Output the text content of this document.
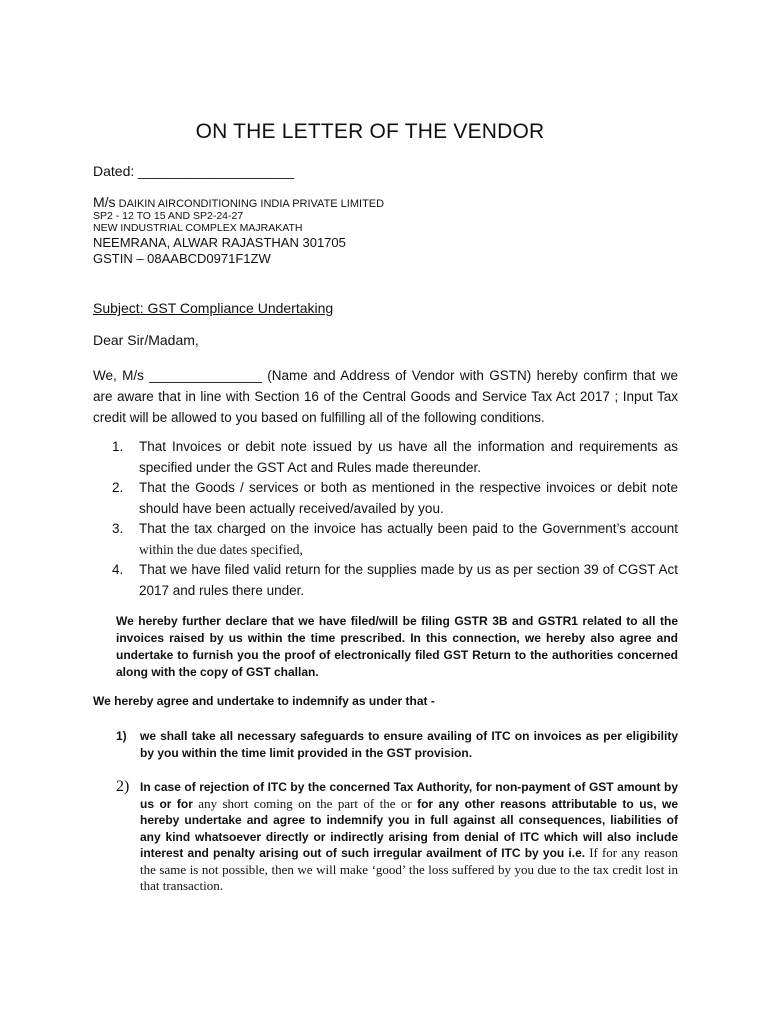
ON THE LETTER OF THE VENDOR
Dated: ____________________
M/s DAIKIN AIRCONDITIONING INDIA PRIVATE LIMITED
SP2 - 12 TO 15 AND SP2-24-27
NEW INDUSTRIAL COMPLEX MAJRAKATH
NEEMRANA, ALWAR RAJASTHAN 301705
GSTIN – 08AABCD0971F1ZW
Subject: GST Compliance Undertaking
Dear Sir/Madam,
We, M/s _______________ (Name and Address of Vendor with GSTN) hereby confirm that we are aware that in line with Section 16 of the Central Goods and Service Tax Act 2017 ; Input Tax credit will be allowed to you based on fulfilling all of the following conditions.
1.	That Invoices or debit note issued by us have all the information and requirements as specified under the GST Act and Rules made thereunder.
2.	That the Goods / services or both as mentioned in the respective invoices or debit note should have been actually received/availed by you.
3.	That the tax charged on the invoice has actually been paid to the Government’s account within the due dates specified,
4.	That we have filed valid return for the supplies made by us as per section 39 of CGST Act 2017 and rules there under.
We hereby further declare that we have filed/will be filing GSTR 3B and GSTR1 related to all the invoices raised by us within the time prescribed. In this connection, we hereby also agree and undertake to furnish you the proof of electronically filed GST Return to the authorities concerned along with the copy of GST challan.
We hereby agree and undertake to indemnify as under that -
1)	we shall take all necessary safeguards to ensure availing of ITC on invoices as per eligibility by you within the time limit provided in the GST provision.
2) In case of rejection of ITC by the concerned Tax Authority, for non-payment of GST amount by us or for any short coming on the part of the or for any other reasons attributable to us, we hereby undertake and agree to indemnify you in full against all consequences, liabilities of any kind whatsoever directly or indirectly arising from denial of ITC which will also include interest and penalty arising out of such irregular availment of ITC by you i.e. If for any reason the same is not possible, then we will make ‘good’ the loss suffered by you due to the tax credit lost in that transaction.
